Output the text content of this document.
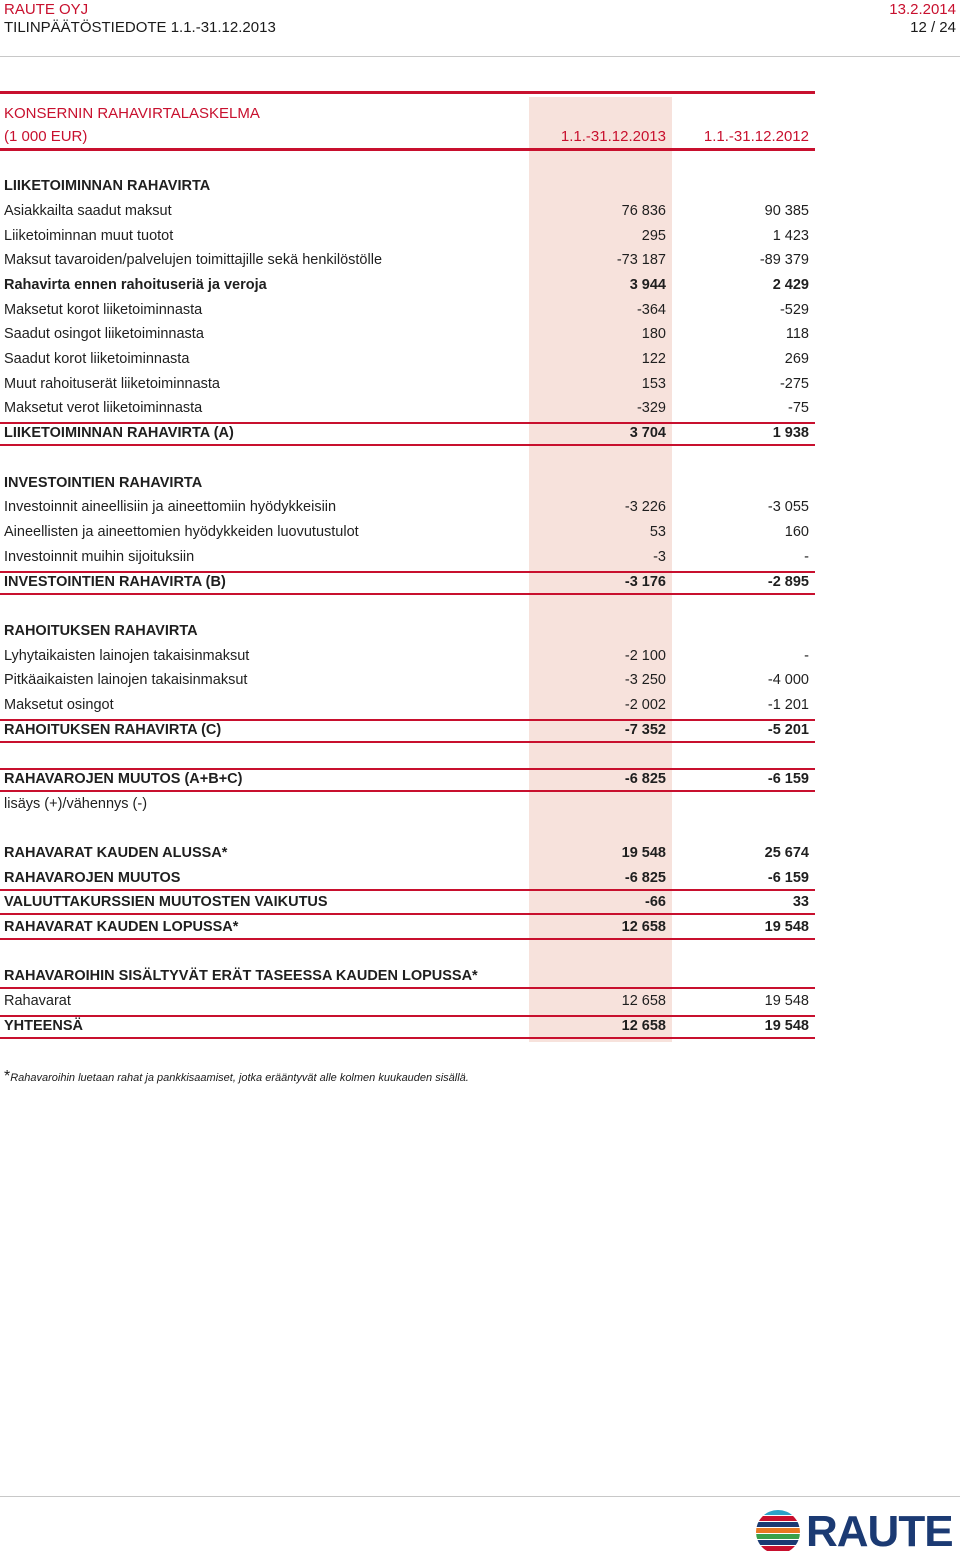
RAUTE OYJ
TILINPÄÄTÖSTIEDOTE 1.1.-31.12.2013
13.2.2014
12 / 24
KONSERNIN RAHAVIRTALASKELMA
(1 000 EUR)	1.1.-31.12.2013	1.1.-31.12.2012
LIIKETOIMINNAN RAHAVIRTA
Asiakkailta saadut maksut	76 836	90 385
Liiketoiminnan muut tuotot	295	1 423
Maksut tavaroiden/palvelujen toimittajille sekä henkilöstölle	-73 187	-89 379
Rahavirta ennen rahoituseriä ja veroja	3 944	2 429
Maksetut korot liiketoiminnasta	-364	-529
Saadut osingot liiketoiminnasta	180	118
Saadut korot liiketoiminnasta	122	269
Muut rahoituserät liiketoiminnasta	153	-275
Maksetut verot liiketoiminnasta	-329	-75
LIIKETOIMINNAN RAHAVIRTA (A)	3 704	1 938
INVESTOINTIEN RAHAVIRTA
Investoinnit aineellisiin ja aineettomiin hyödykkeisiin	-3 226	-3 055
Aineellisten ja aineettomien hyödykkeiden luovutustulot	53	160
Investoinnit muihin sijoituksiin	-3	-
INVESTOINTIEN RAHAVIRTA (B)	-3 176	-2 895
RAHOITUKSEN RAHAVIRTA
Lyhytaikaisten lainojen takaisinmaksut	-2 100	-
Pitkäaikaisten lainojen takaisinmaksut	-3 250	-4 000
Maksetut osingot	-2 002	-1 201
RAHOITUKSEN RAHAVIRTA (C)	-7 352	-5 201
RAHAVAROJEN MUUTOS (A+B+C)	-6 825	-6 159
lisäys (+)/vähennys (-)
RAHAVARAT KAUDEN ALUSSA*	19 548	25 674
RAHAVAROJEN MUUTOS	-6 825	-6 159
VALUUTTAKURSSIEN MUUTOSTEN VAIKUTUS	-66	33
RAHAVARAT KAUDEN LOPUSSA*	12 658	19 548
RAHAVAROIHIN SISÄLTYVÄT ERÄT TASEESSA KAUDEN LOPUSSA*
Rahavarat	12 658	19 548
YHTEENSÄ	12 658	19 548
*Rahavaroihin luetaan rahat ja pankkisaamiset, jotka erääntyvät alle kolmen kuukauden sisällä.
RAUTE
